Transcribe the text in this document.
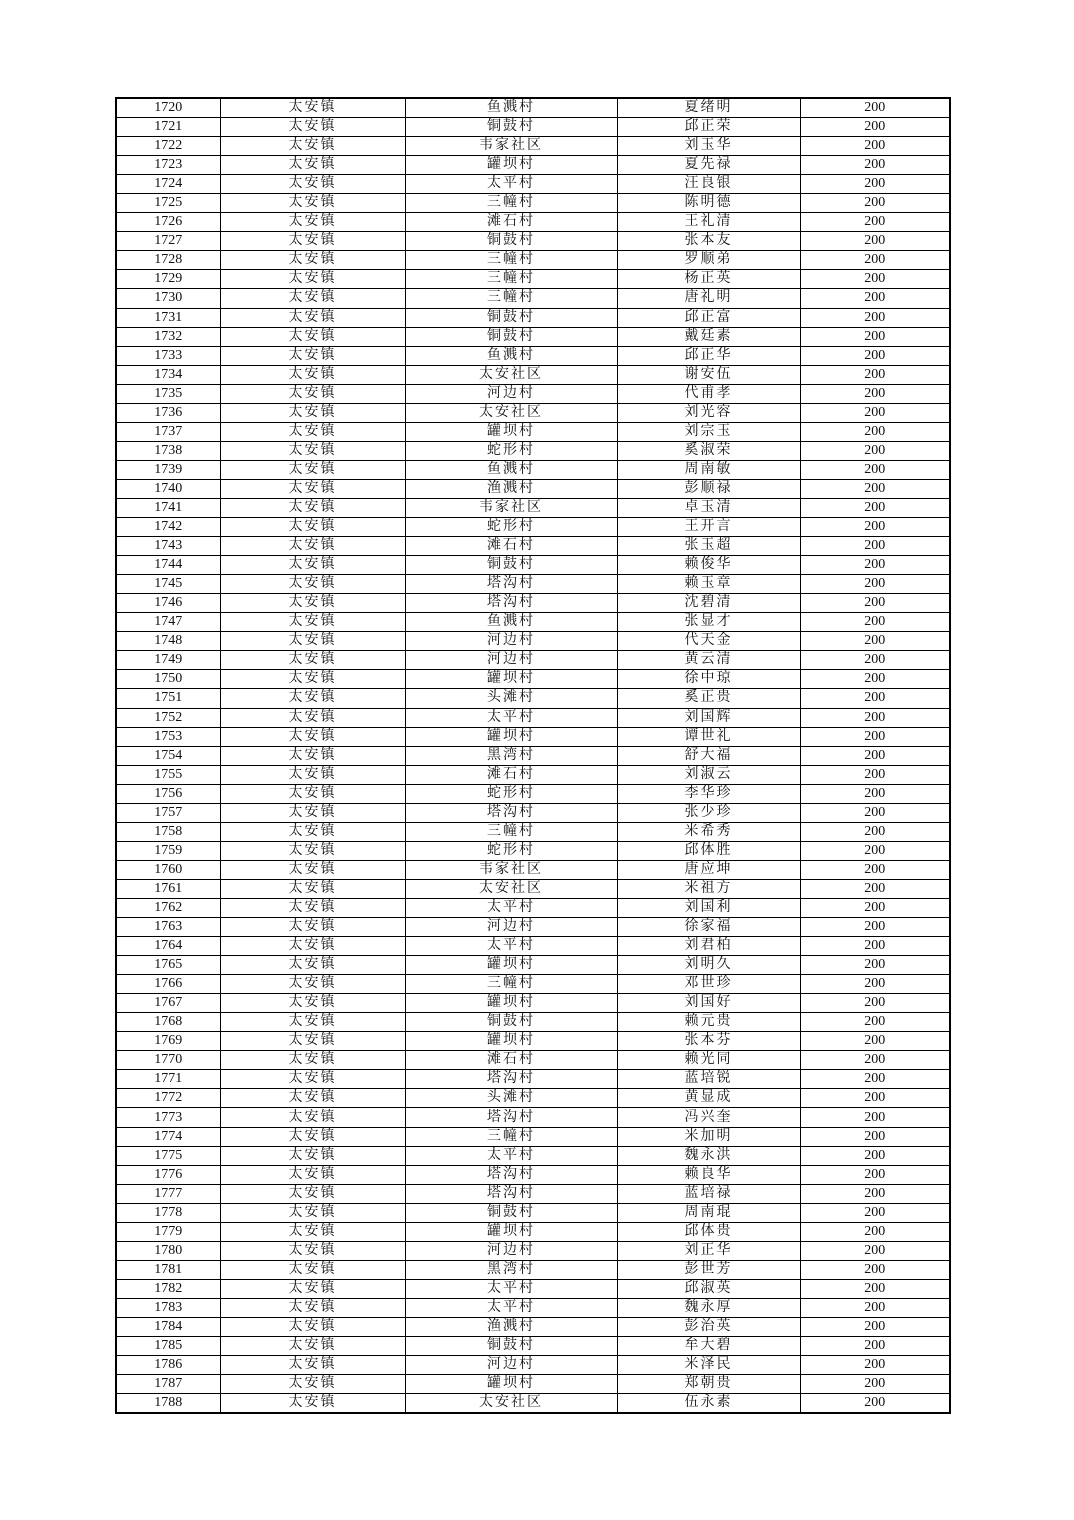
1720	太安镇	鱼溅村	夏绪明	200
1721	太安镇	铜鼓村	邱正荣	200
1722	太安镇	韦家社区	刘玉华	200
1723	太安镇	罐坝村	夏先禄	200
1724	太安镇	太平村	汪良银	200
1725	太安镇	三幢村	陈明德	200
1726	太安镇	滩石村	王礼清	200
1727	太安镇	铜鼓村	张本友	200
1728	太安镇	三幢村	罗顺弟	200
1729	太安镇	三幢村	杨正英	200
1730	太安镇	三幢村	唐礼明	200
1731	太安镇	铜鼓村	邱正富	200
1732	太安镇	铜鼓村	戴廷素	200
1733	太安镇	鱼溅村	邱正华	200
1734	太安镇	太安社区	谢安伍	200
1735	太安镇	河边村	代甫孝	200
1736	太安镇	太安社区	刘光容	200
1737	太安镇	罐坝村	刘宗玉	200
1738	太安镇	蛇形村	奚淑荣	200
1739	太安镇	鱼溅村	周南敏	200
1740	太安镇	渔溅村	彭顺禄	200
1741	太安镇	韦家社区	卓玉清	200
1742	太安镇	蛇形村	王开言	200
1743	太安镇	滩石村	张玉超	200
1744	太安镇	铜鼓村	赖俊华	200
1745	太安镇	塔沟村	赖玉章	200
1746	太安镇	塔沟村	沈碧清	200
1747	太安镇	鱼溅村	张显才	200
1748	太安镇	河边村	代天金	200
1749	太安镇	河边村	黄云清	200
1750	太安镇	罐坝村	徐中琼	200
1751	太安镇	头滩村	奚正贵	200
1752	太安镇	太平村	刘国辉	200
1753	太安镇	罐坝村	谭世礼	200
1754	太安镇	黑湾村	舒大福	200
1755	太安镇	滩石村	刘淑云	200
1756	太安镇	蛇形村	李华珍	200
1757	太安镇	塔沟村	张少珍	200
1758	太安镇	三幢村	米希秀	200
1759	太安镇	蛇形村	邱体胜	200
1760	太安镇	韦家社区	唐应坤	200
1761	太安镇	太安社区	米祖方	200
1762	太安镇	太平村	刘国利	200
1763	太安镇	河边村	徐家福	200
1764	太安镇	太平村	刘君柏	200
1765	太安镇	罐坝村	刘明久	200
1766	太安镇	三幢村	邓世珍	200
1767	太安镇	罐坝村	刘国好	200
1768	太安镇	铜鼓村	赖元贵	200
1769	太安镇	罐坝村	张本芬	200
1770	太安镇	滩石村	赖光同	200
1771	太安镇	塔沟村	蓝培锐	200
1772	太安镇	头滩村	黄显成	200
1773	太安镇	塔沟村	冯兴奎	200
1774	太安镇	三幢村	米加明	200
1775	太安镇	太平村	魏永洪	200
1776	太安镇	塔沟村	赖良华	200
1777	太安镇	塔沟村	蓝培禄	200
1778	太安镇	铜鼓村	周南琨	200
1779	太安镇	罐坝村	邱体贵	200
1780	太安镇	河边村	刘正华	200
1781	太安镇	黑湾村	彭世芳	200
1782	太安镇	太平村	邱淑英	200
1783	太安镇	太平村	魏永厚	200
1784	太安镇	渔溅村	彭治英	200
1785	太安镇	铜鼓村	牟大碧	200
1786	太安镇	河边村	米泽民	200
1787	太安镇	罐坝村	郑朝贵	200
1788	太安镇	太安社区	伍永素	200
